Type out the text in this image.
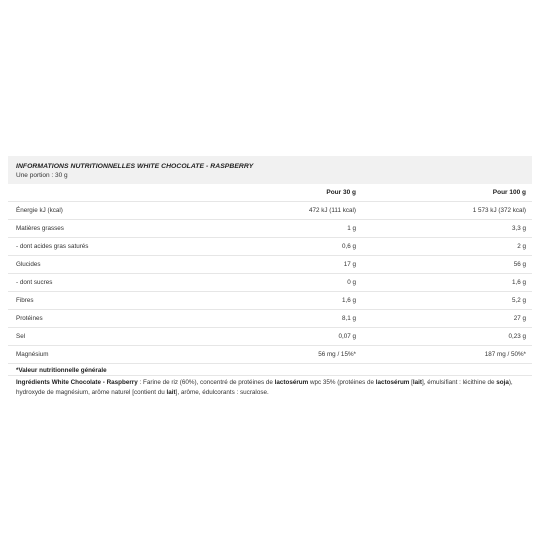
INFORMATIONS NUTRITIONNELLES WHITE CHOCOLATE - RASPBERRY
Une portion : 30 g
	Pour 30 g	Pour 100 g
Énergie kJ (kcal)	472 kJ (111 kcal)	1 573 kJ (372 kcal)
Matières grasses	1 g	3,3 g
- dont acides gras saturés	0,6 g	2 g
Glucides	17 g	56 g
- dont sucres	0 g	1,6 g
Fibres	1,6 g	5,2 g
Protéines	8,1 g	27 g
Sel	0,07 g	0,23 g
Magnésium	56 mg / 15%*	187 mg / 50%*
*Valeur nutritionnelle générale
Ingrédients White Chocolate - Raspberry : Farine de riz (60%), concentré de protéines de lactosérum wpc 35% (protéines de lactosérum [lait], émulsifiant : lécithine de soja), hydroxyde de magnésium, arôme naturel [contient du lait], arôme, édulcorants : sucralose.
